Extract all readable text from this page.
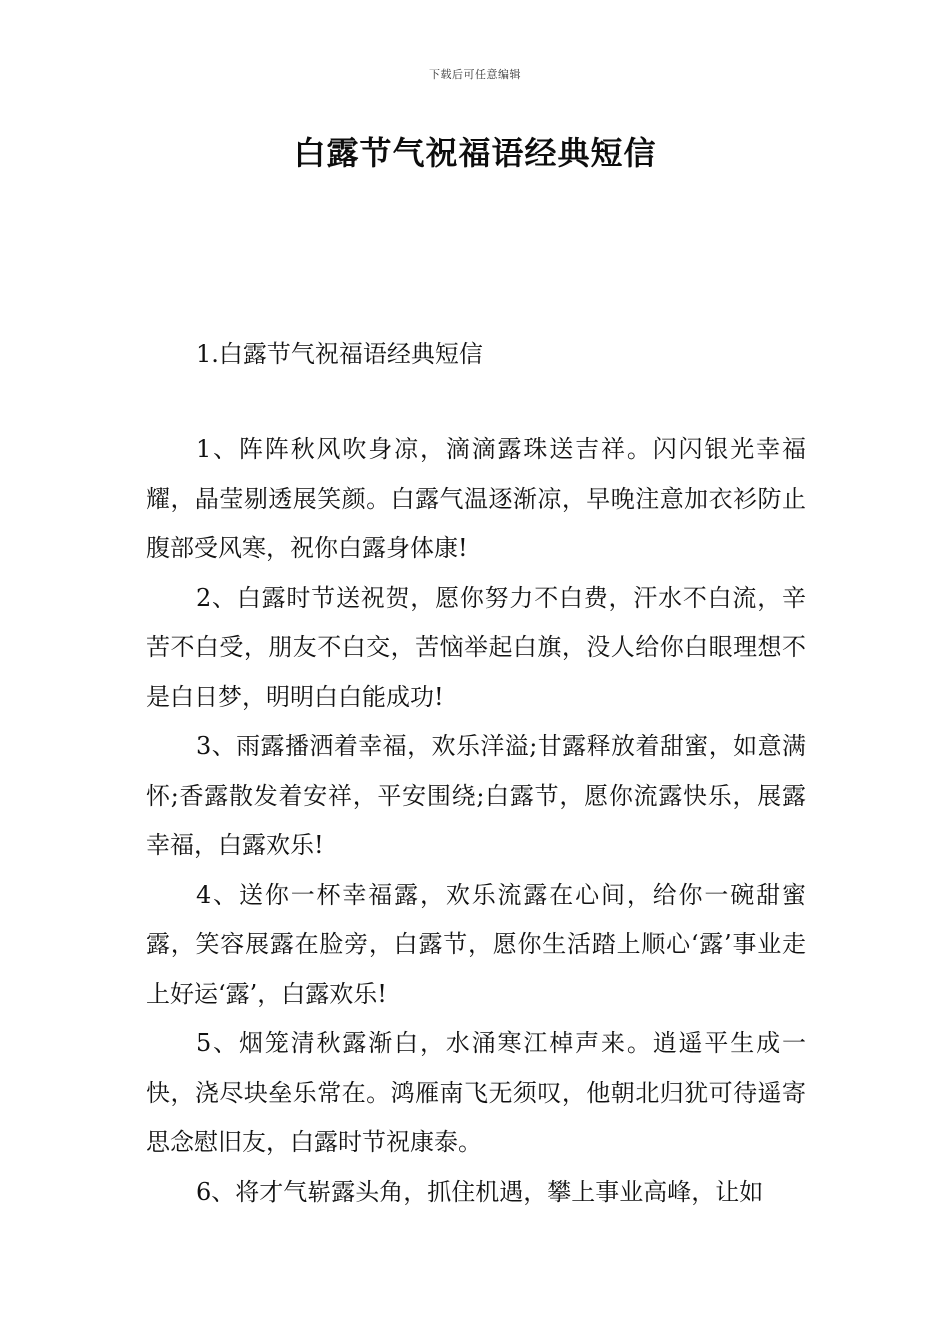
下载后可任意编辑
白露节气祝福语经典短信
1.白露节气祝福语经典短信

1、阵阵秋风吹身凉，滴滴露珠送吉祥。闪闪银光幸福耀，晶莹剔透展笑颜。白露气温逐渐凉，早晚注意加衣衫防止腹部受风寒，祝你白露身体康!

2、白露时节送祝贺，愿你努力不白费，汗水不白流，辛苦不白受，朋友不白交，苦恼举起白旗，没人给你白眼理想不是白日梦，明明白白能成功!

3、雨露播洒着幸福，欢乐洋溢;甘露释放着甜蜜，如意满怀;香露散发着安祥，平安围绕;白露节，愿你流露快乐，展露幸福，白露欢乐!

4、送你一杯幸福露，欢乐流露在心间，给你一碗甜蜜露，笑容展露在脸旁，白露节，愿你生活踏上顺心‘露’事业走上好运‘露’，白露欢乐!

5、烟笼清秋露渐白，水涌寒江棹声来。逍遥平生成一快，浇尽块垒乐常在。鸿雁南飞无须叹，他朝北归犹可待遥寄思念慰旧友，白露时节祝康泰。

6、将才气崭露头角，抓住机遇，攀上事业高峰，让如
